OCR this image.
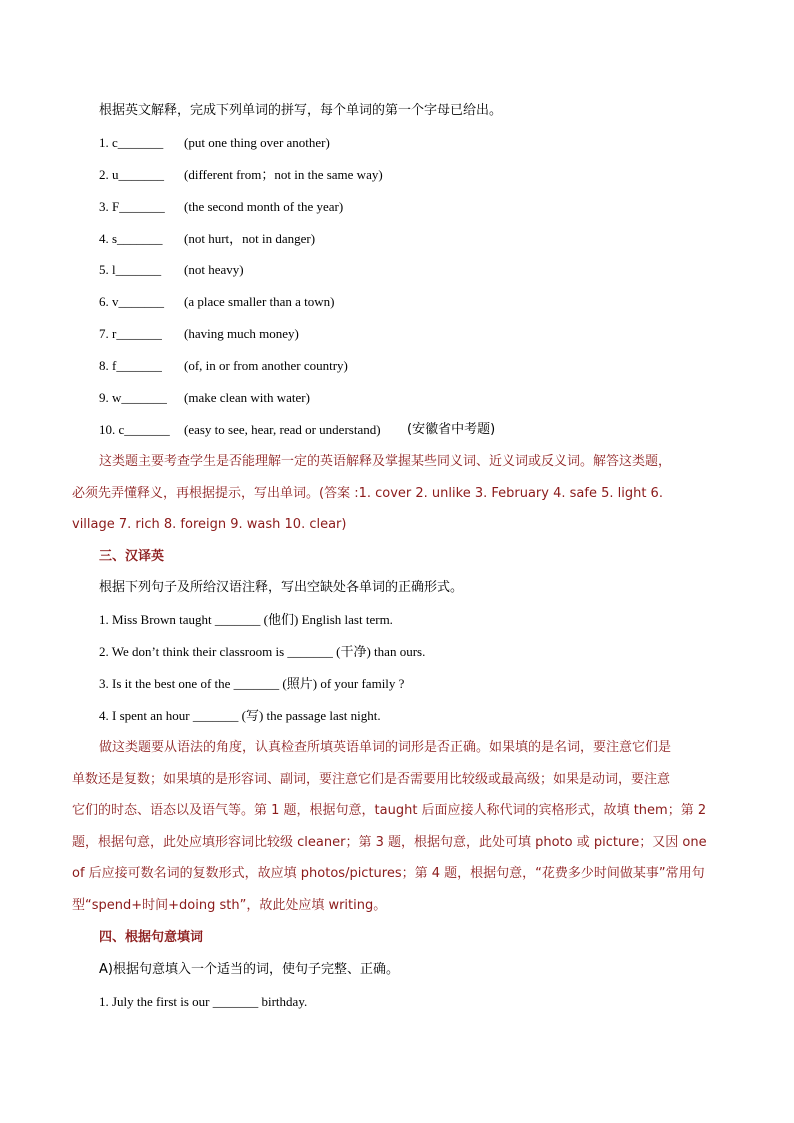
根据英文解释，完成下列单词的拼写，每个单词的第一个字母已给出。
1. c_______ (put one thing over another)
2. u_______ (different from；not in the same way)
3. F_______ (the second month of the year)
4. s_______ (not hurt，not in danger)
5. l_______ (not heavy)
6. v_______ (a place smaller than a town)
7. r_______ (having much money)
8. f_______ (of, in or from another country)
9. w_______ (make clean with water)
10. c_______ (easy to see, hear, read or understand) (安徽省中考题)
这类题主要考查学生是否能理解一定的英语解释及掌握某些同义词、近义词或反义词。解答这类题，
必须先弄懂释义，再根据提示，写出单词。(答案 :1. cover 2. unlike 3. February 4. safe 5. light 6.
village 7. rich 8. foreign 9. wash 10. clear)
三、汉译英
根据下列句子及所给汉语注释，写出空缺处各单词的正确形式。
1. Miss Brown taught _______ (他们) English last term.
2. We don’t think their classroom is _______ (干净) than ours.
3. Is it the best one of the _______ (照片) of your family ?
4. I spent an hour _______ (写) the passage last night.
做这类题要从语法的角度，认真检查所填英语单词的词形是否正确。如果填的是名词，要注意它们是
单数还是复数；如果填的是形容词、副词，要注意它们是否需要用比较级或最高级；如果是动词，要注意
它们的时态、语态以及语气等。第 1 题，根据句意，taught 后面应接人称代词的宾格形式，故填 them；第 2
题，根据句意，此处应填形容词比较级 cleaner；第 3 题，根据句意，此处可填 photo 或 picture；又因 one
of 后应接可数名词的复数形式，故应填 photos/pictures；第 4 题，根据句意，“花费多少时间做某事”常用句
型“spend+时间+doing sth”，故此处应填 writing。
四、根据句意填词
A)根据句意填入一个适当的词，使句子完整、正确。
1. July the first is our _______ birthday.
